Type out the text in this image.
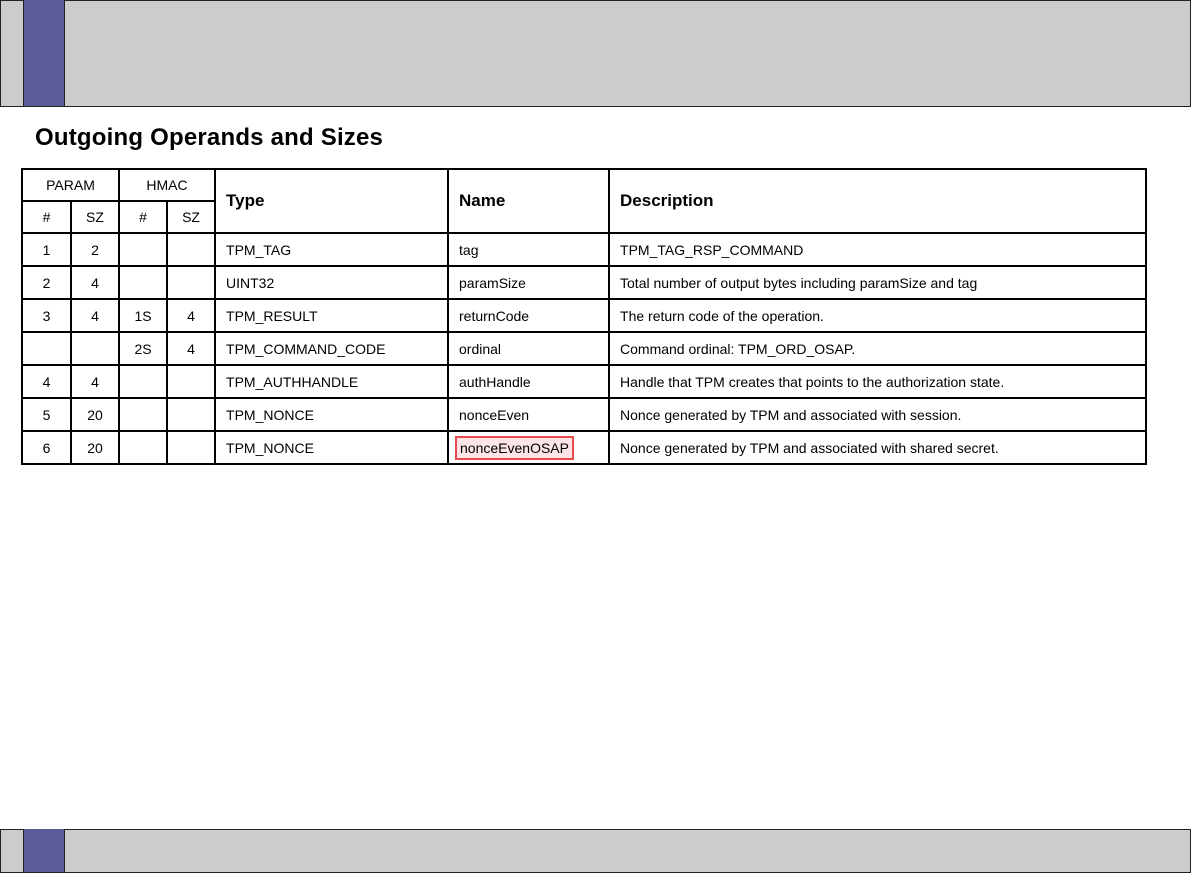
Outgoing Operands and Sizes
PARAM		HMAC		Type	Name	Description
#	SZ	#	SZ			
1	2			TPM_TAG	tag	TPM_TAG_RSP_COMMAND
2	4			UINT32	paramSize	Total number of output bytes including paramSize and tag
3	4	1S	4	TPM_RESULT	returnCode	The return code of the operation.
		2S	4	TPM_COMMAND_CODE	ordinal	Command ordinal: TPM_ORD_OSAP.
4	4			TPM_AUTHHANDLE	authHandle	Handle that TPM creates that points to the authorization state.
5	20			TPM_NONCE	nonceEven	Nonce generated by TPM and associated with session.
6	20			TPM_NONCE	nonceEvenOSAP	Nonce generated by TPM and associated with shared secret.
